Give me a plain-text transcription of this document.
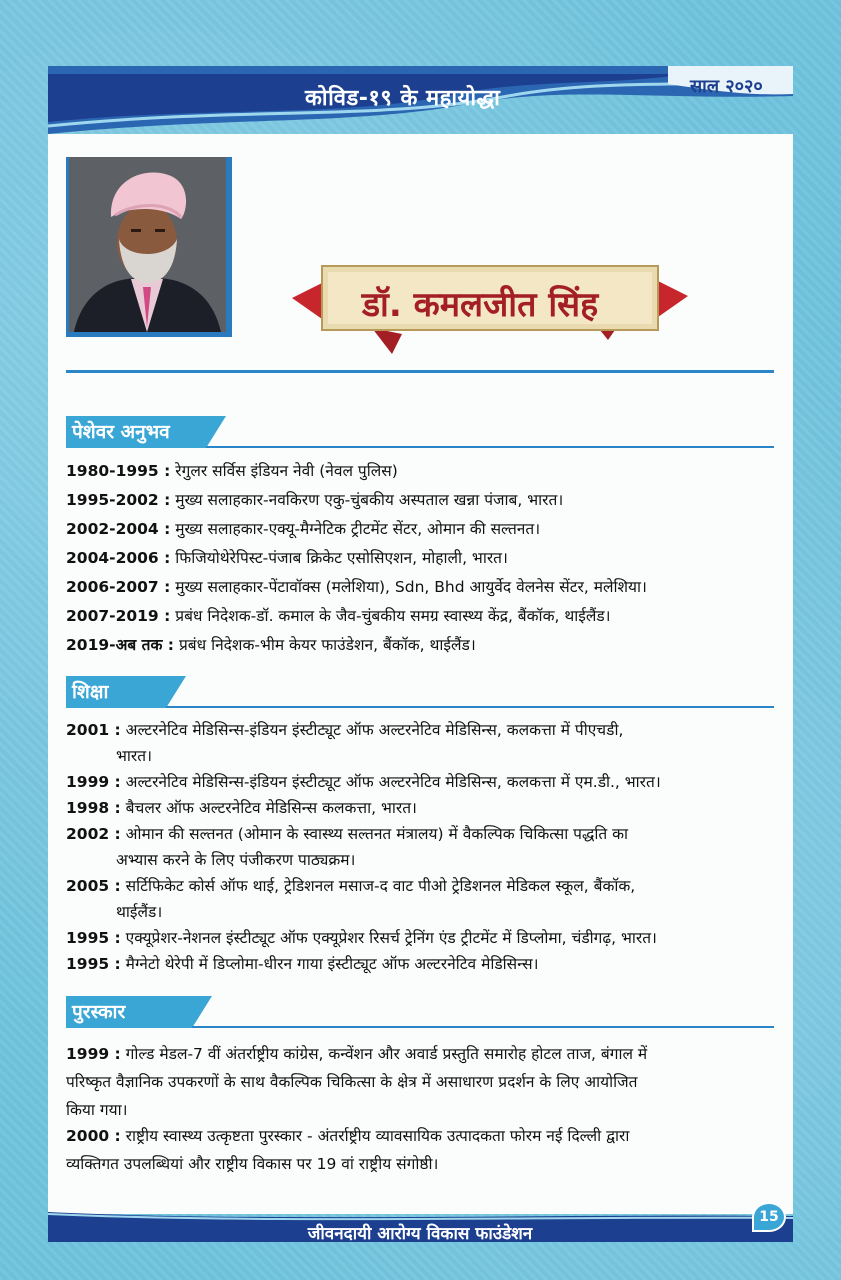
कोविड-१९ के महायोद्धा	साल २०२०
डॉ. कमलजीत सिंह
पेशेवर अनुभव
1980-1995 : रेगुलर सर्विस इंडियन नेवी (नेवल पुलिस)
1995-2002 : मुख्य सलाहकार-नवकिरण एकु-चुंबकीय अस्पताल खन्ना पंजाब, भारत।
2002-2004 : मुख्य सलाहकार-एक्यू-मैग्नेटिक ट्रीटमेंट सेंटर, ओमान की सल्तनत।
2004-2006 : फिजियोथेरेपिस्ट-पंजाब क्रिकेट एसोसिएशन, मोहाली, भारत।
2006-2007 : मुख्य सलाहकार-पेंटावॉक्स (मलेशिया), Sdn, Bhd आयुर्वेद वेलनेस सेंटर, मलेशिया।
2007-2019 : प्रबंध निदेशक-डॉ. कमाल के जैव-चुंबकीय समग्र स्वास्थ्य केंद्र, बैंकॉक, थाईलैंड।
2019-अब तक : प्रबंध निदेशक-भीम केयर फाउंडेशन, बैंकॉक, थाईलैंड।
शिक्षा
2001 : अल्टरनेटिव मेडिसिन्स-इंडियन इंस्टीट्यूट ऑफ अल्टरनेटिव मेडिसिन्स, कलकत्ता में पीएचडी,
भारत।
1999 : अल्टरनेटिव मेडिसिन्स-इंडियन इंस्टीट्यूट ऑफ अल्टरनेटिव मेडिसिन्स, कलकत्ता में एम.डी., भारत।
1998 : बैचलर ऑफ अल्टरनेटिव मेडिसिन्स कलकत्ता, भारत।
2002 : ओमान की सल्तनत (ओमान के स्वास्थ्य सल्तनत मंत्रालय) में वैकल्पिक चिकित्सा पद्धति का
अभ्यास करने के लिए पंजीकरण पाठ्यक्रम।
2005 : सर्टिफिकेट कोर्स ऑफ थाई, ट्रेडिशनल मसाज-द वाट पीओ ट्रेडिशनल मेडिकल स्कूल, बैंकॉक,
थाईलैंड।
1995 : एक्यूप्रेशर-नेशनल इंस्टीट्यूट ऑफ एक्यूप्रेशर रिसर्च ट्रेनिंग एंड ट्रीटमेंट में डिप्लोमा, चंडीगढ़, भारत।
1995 : मैग्नेटो थेरेपी में डिप्लोमा-धीरन गाया इंस्टीट्यूट ऑफ अल्टरनेटिव मेडिसिन्स।
पुरस्कार
1999 : गोल्ड मेडल-7 वीं अंतर्राष्ट्रीय कांग्रेस, कन्वेंशन और अवार्ड प्रस्तुति समारोह होटल ताज, बंगाल में
परिष्कृत वैज्ञानिक उपकरणों के साथ वैकल्पिक चिकित्सा के क्षेत्र में असाधारण प्रदर्शन के लिए आयोजित
किया गया।
2000 : राष्ट्रीय स्वास्थ्य उत्कृष्टता पुरस्कार - अंतर्राष्ट्रीय व्यावसायिक उत्पादकता फोरम नई दिल्ली द्वारा
व्यक्तिगत उपलब्धियां और राष्ट्रीय विकास पर 19 वां राष्ट्रीय संगोष्ठी।
जीवनदायी आरोग्य विकास फाउंडेशन
15
